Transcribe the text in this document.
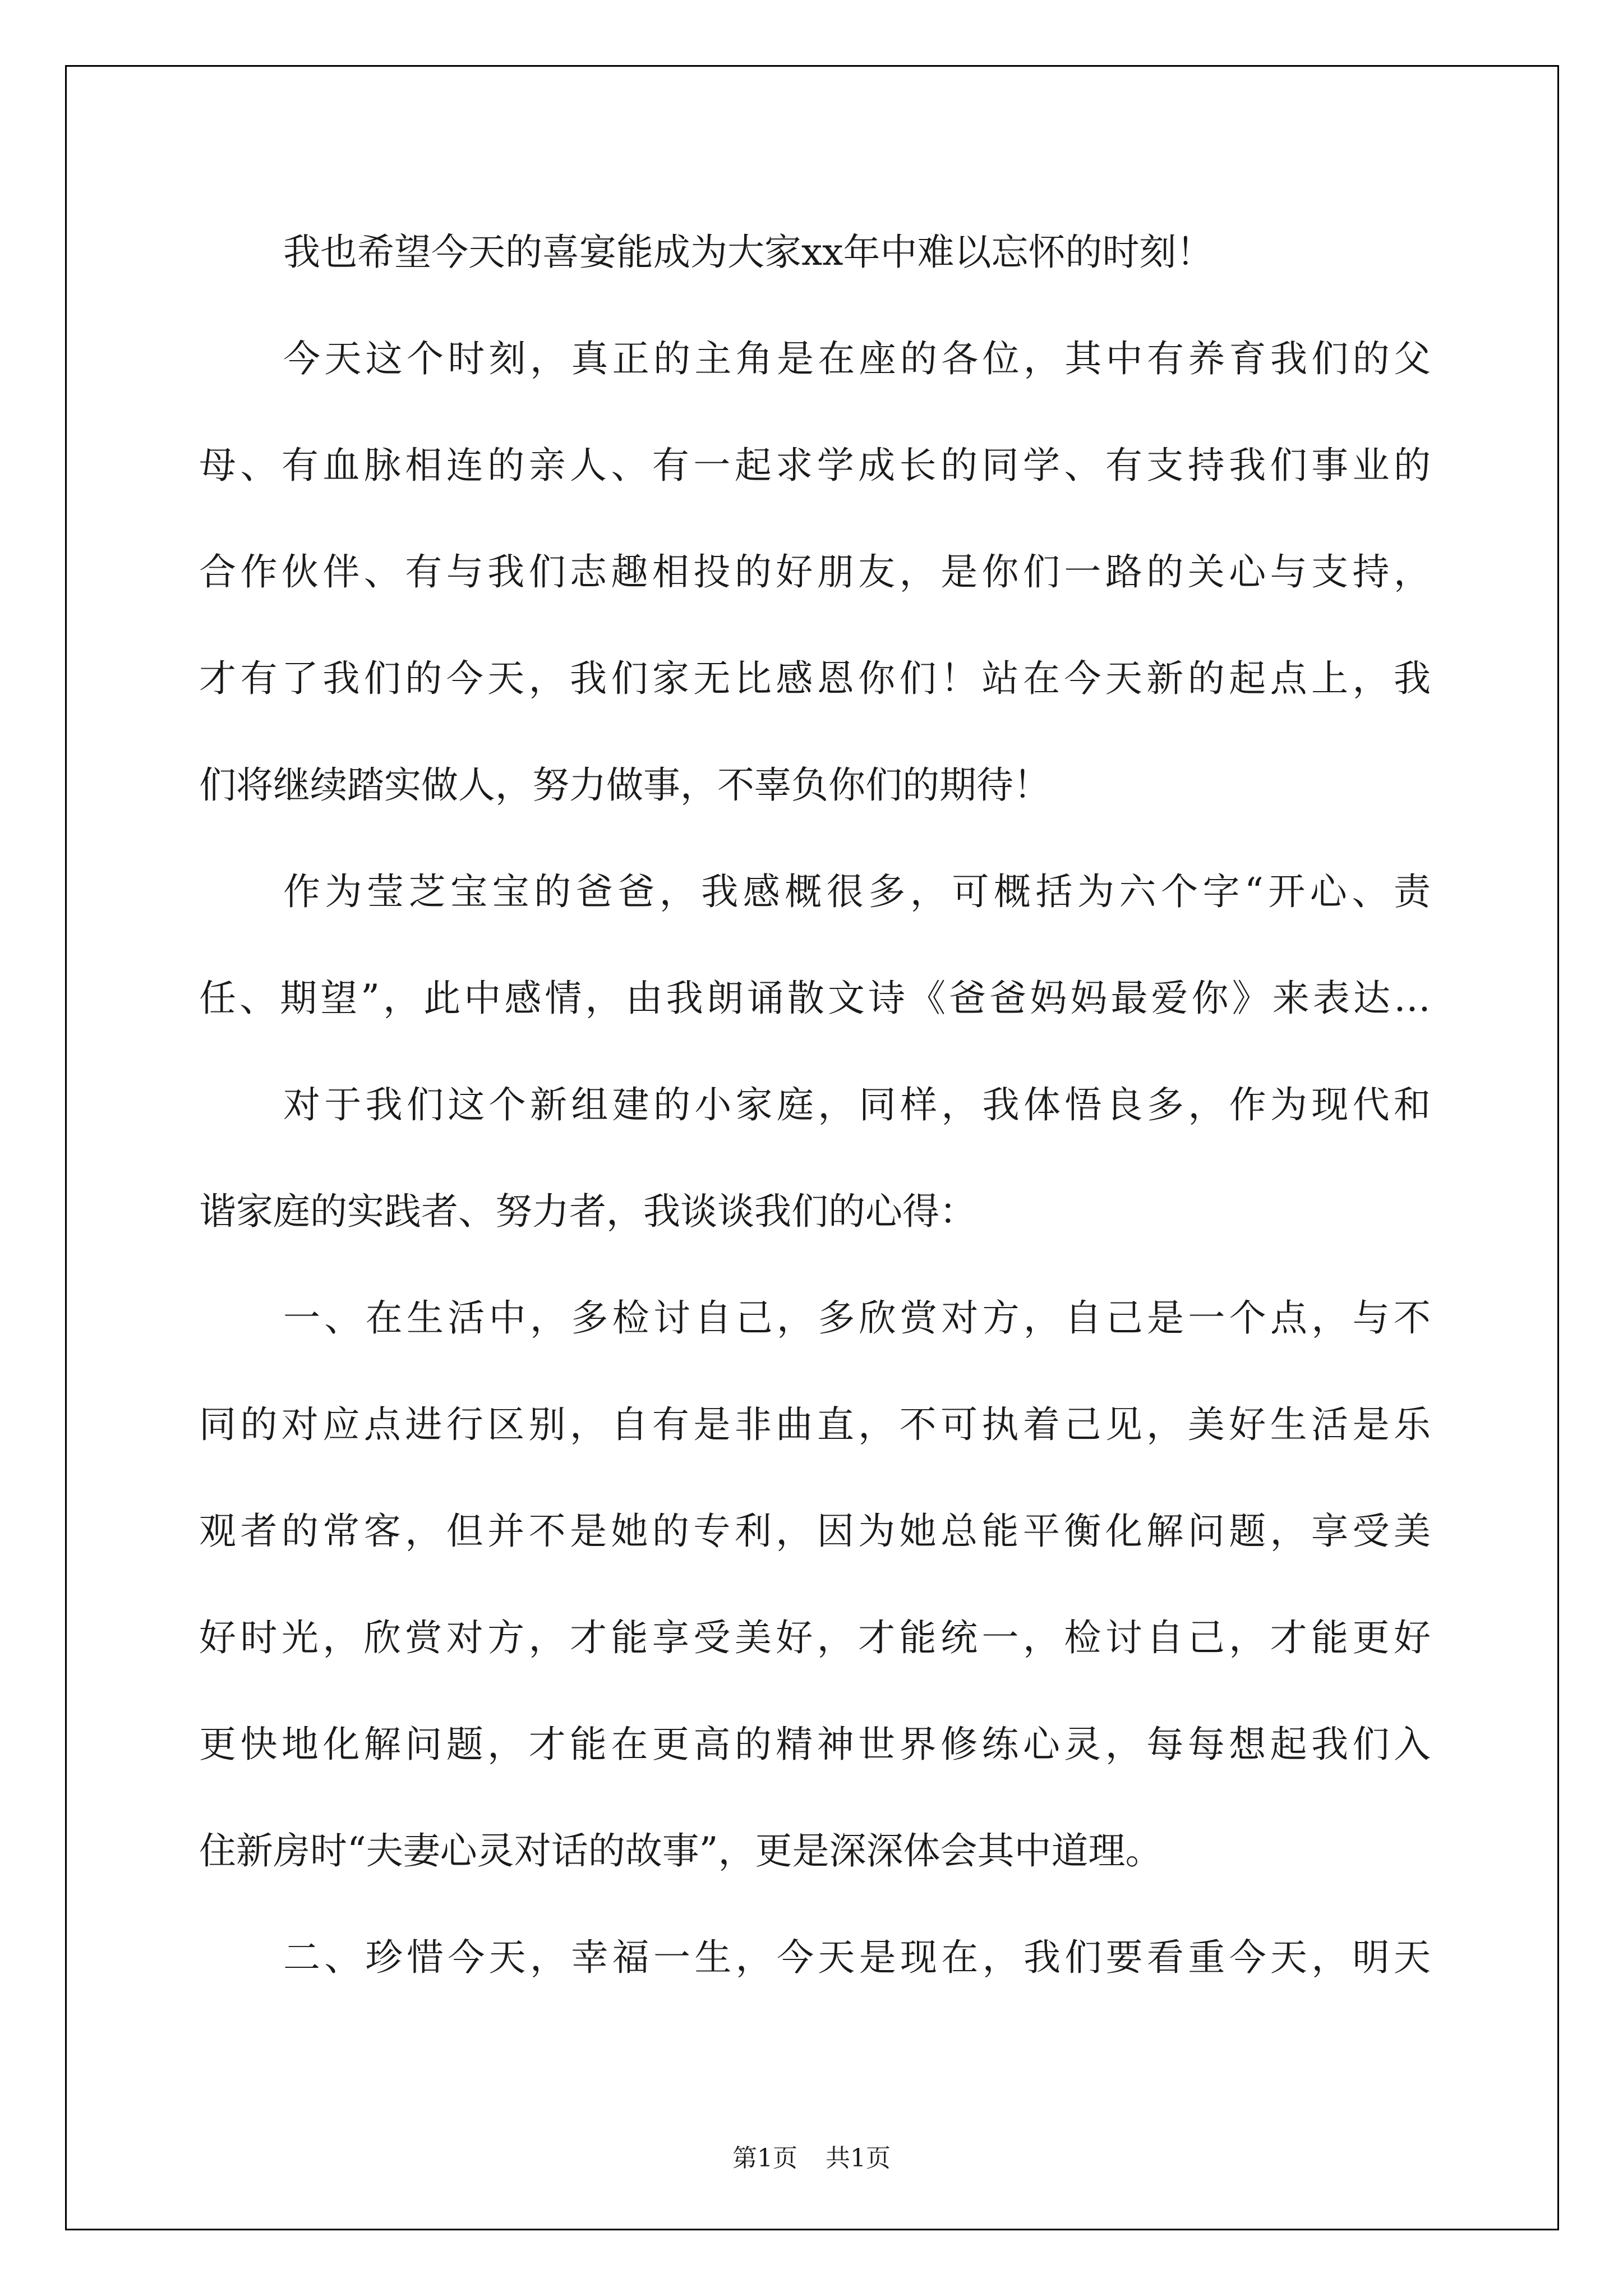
我也希望今天的喜宴能成为大家xx年中难以忘怀的时刻！
今天这个时刻，真正的主角是在座的各位，其中有养育我们的父
母、有血脉相连的亲人、有一起求学成长的同学、有支持我们事业的
合作伙伴、有与我们志趣相投的好朋友，是你们一路的关心与支持，
才有了我们的今天，我们家无比感恩你们！站在今天新的起点上，我
们将继续踏实做人，努力做事，不辜负你们的期待！
作为莹芝宝宝的爸爸，我感概很多，可概括为六个字“开心、责
任、期望”，此中感情，由我朗诵散文诗《爸爸妈妈最爱你》来表达…
对于我们这个新组建的小家庭，同样，我体悟良多，作为现代和
谐家庭的实践者、努力者，我谈谈我们的心得：
一、在生活中，多检讨自己，多欣赏对方，自己是一个点，与不
同的对应点进行区别，自有是非曲直，不可执着己见，美好生活是乐
观者的常客，但并不是她的专利，因为她总能平衡化解问题，享受美
好时光，欣赏对方，才能享受美好，才能统一，检讨自己，才能更好
更快地化解问题，才能在更高的精神世界修练心灵，每每想起我们入
住新房时“夫妻心灵对话的故事”，更是深深体会其中道理。
二、珍惜今天，幸福一生，今天是现在，我们要看重今天，明天
第1页 共1页
